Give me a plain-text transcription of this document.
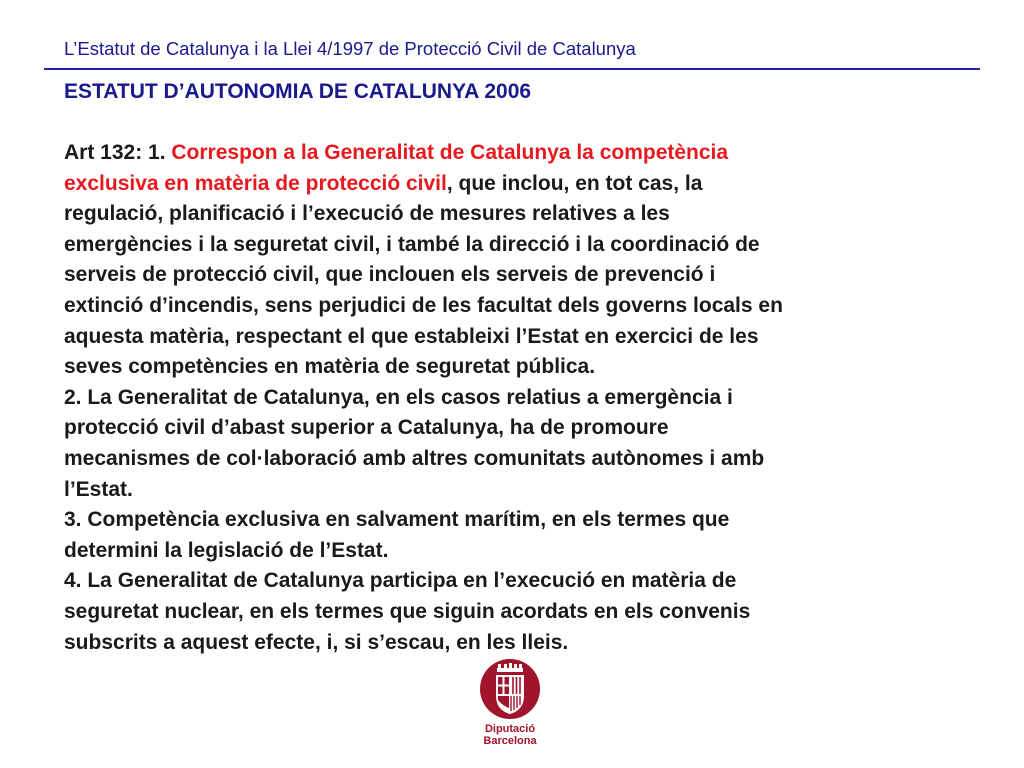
L’Estatut de Catalunya i la Llei 4/1997 de Protecció Civil de Catalunya
ESTATUT D’AUTONOMIA DE CATALUNYA 2006
Art 132: 1. Correspon a la Generalitat de Catalunya la competència
exclusiva en matèria de protecció civil, que inclou, en tot cas, la
regulació, planificació i l’execució de mesures relatives a les
emergències i la seguretat civil, i també la direcció i la coordinació de
serveis de protecció civil, que inclouen els serveis de prevenció i
extinció d’incendis, sens perjudici de les facultat dels governs locals en
aquesta matèria, respectant el que estableixi l’Estat en exercici de les
seves competències en matèria de seguretat pública.
2. La Generalitat de Catalunya, en els casos relatius a emergència i
protecció civil d’abast superior a Catalunya, ha de promoure
mecanismes de col·laboració amb altres comunitats autònomes i amb
l’Estat.
3. Competència exclusiva en salvament marítim, en els termes que
determini la legislació de l’Estat.
4. La Generalitat de Catalunya participa en l’execució en matèria de
seguretat nuclear, en els termes que siguin acordats en els convenis
subscrits a aquest efecte, i, si s’escau, en les lleis.
Diputació
Barcelona
